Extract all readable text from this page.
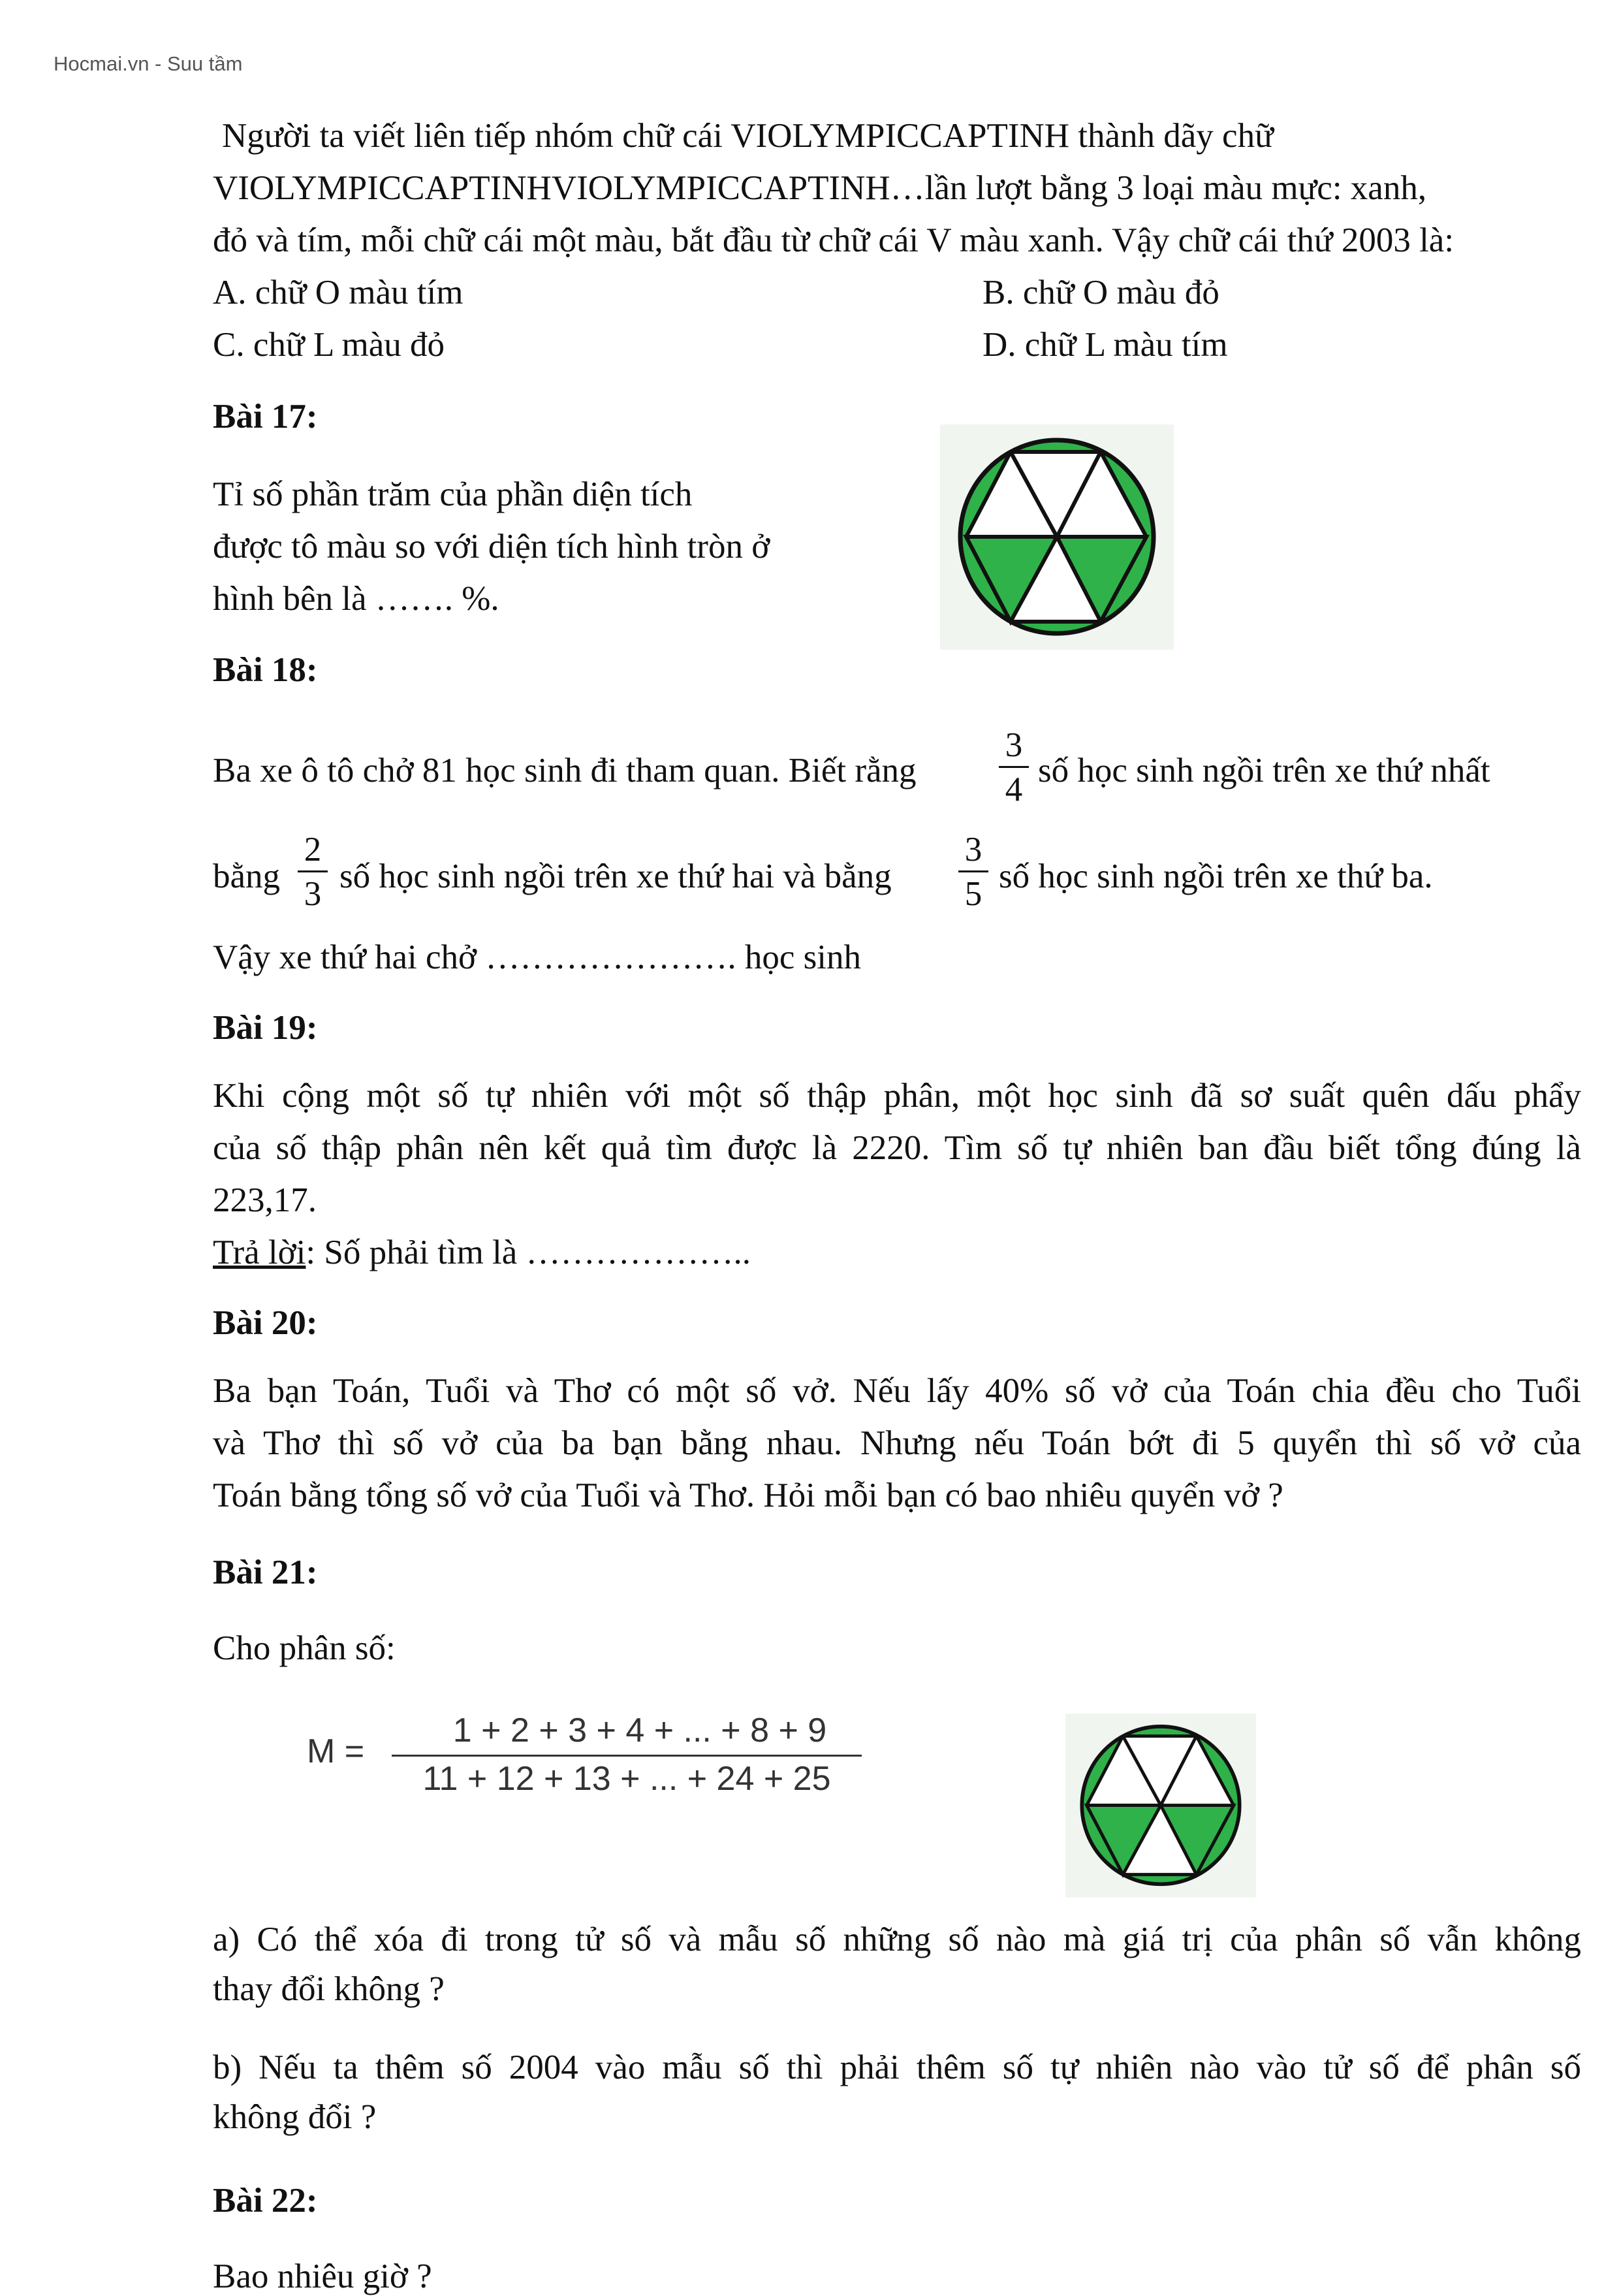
Hocmai.vn - Suu tầm
Người ta viết liên tiếp nhóm chữ cái VIOLYMPICCAPTINH thành dãy chữ
VIOLYMPICCAPTINHVIOLYMPICCAPTINH…lần lượt bằng 3 loại màu mực: xanh,
đỏ và tím, mỗi chữ cái một màu, bắt đầu từ chữ cái V màu xanh. Vậy chữ cái thứ 2003 là:
A. chữ O màu tím	B. chữ O màu đỏ
C. chữ L màu đỏ	D. chữ L màu tím
Bài 17:
Tỉ số phần trăm của phần diện tích
được tô màu so với diện tích hình tròn ở
hình bên là ……. %.
Bài 18:
Ba xe ô tô chở 81 học sinh đi tham quan. Biết rằng
3
4 số học sinh ngồi trên xe thứ nhất
bằng
2
3 số học sinh ngồi trên xe thứ hai và bằng
3
5 số học sinh ngồi trên xe thứ ba.
Vậy xe thứ hai chở …………………. học sinh
Bài 19:
Khi cộng một số tự nhiên với một số thập phân, một học sinh đã sơ suất quên dấu phẩy
của số thập phân nên kết quả tìm được là 2220. Tìm số tự nhiên ban đầu biết tổng đúng là
223,17.
Trả lời: Số phải tìm là ………………..
Bài 20:
Ba bạn Toán, Tuổi và Thơ có một số vở. Nếu lấy 40% số vở của Toán chia đều cho Tuổi
và Thơ thì số vở của ba bạn bằng nhau. Nhưng nếu Toán bớt đi 5 quyển thì số vở của
Toán bằng tổng số vở của Tuổi và Thơ. Hỏi mỗi bạn có bao nhiêu quyển vở ?
Bài 21:
Cho phân số:
M =
1 + 2 + 3 + 4 + ... + 8 + 9
11 + 12 + 13 + ... + 24 + 25
a) Có thể xóa đi trong tử số và mẫu số những số nào mà giá trị của phân số vẫn không
thay đổi không ?
b) Nếu ta thêm số 2004 vào mẫu số thì phải thêm số tự nhiên nào vào tử số để phân số
không đổi ?
Bài 22:
Bao nhiêu giờ ?
